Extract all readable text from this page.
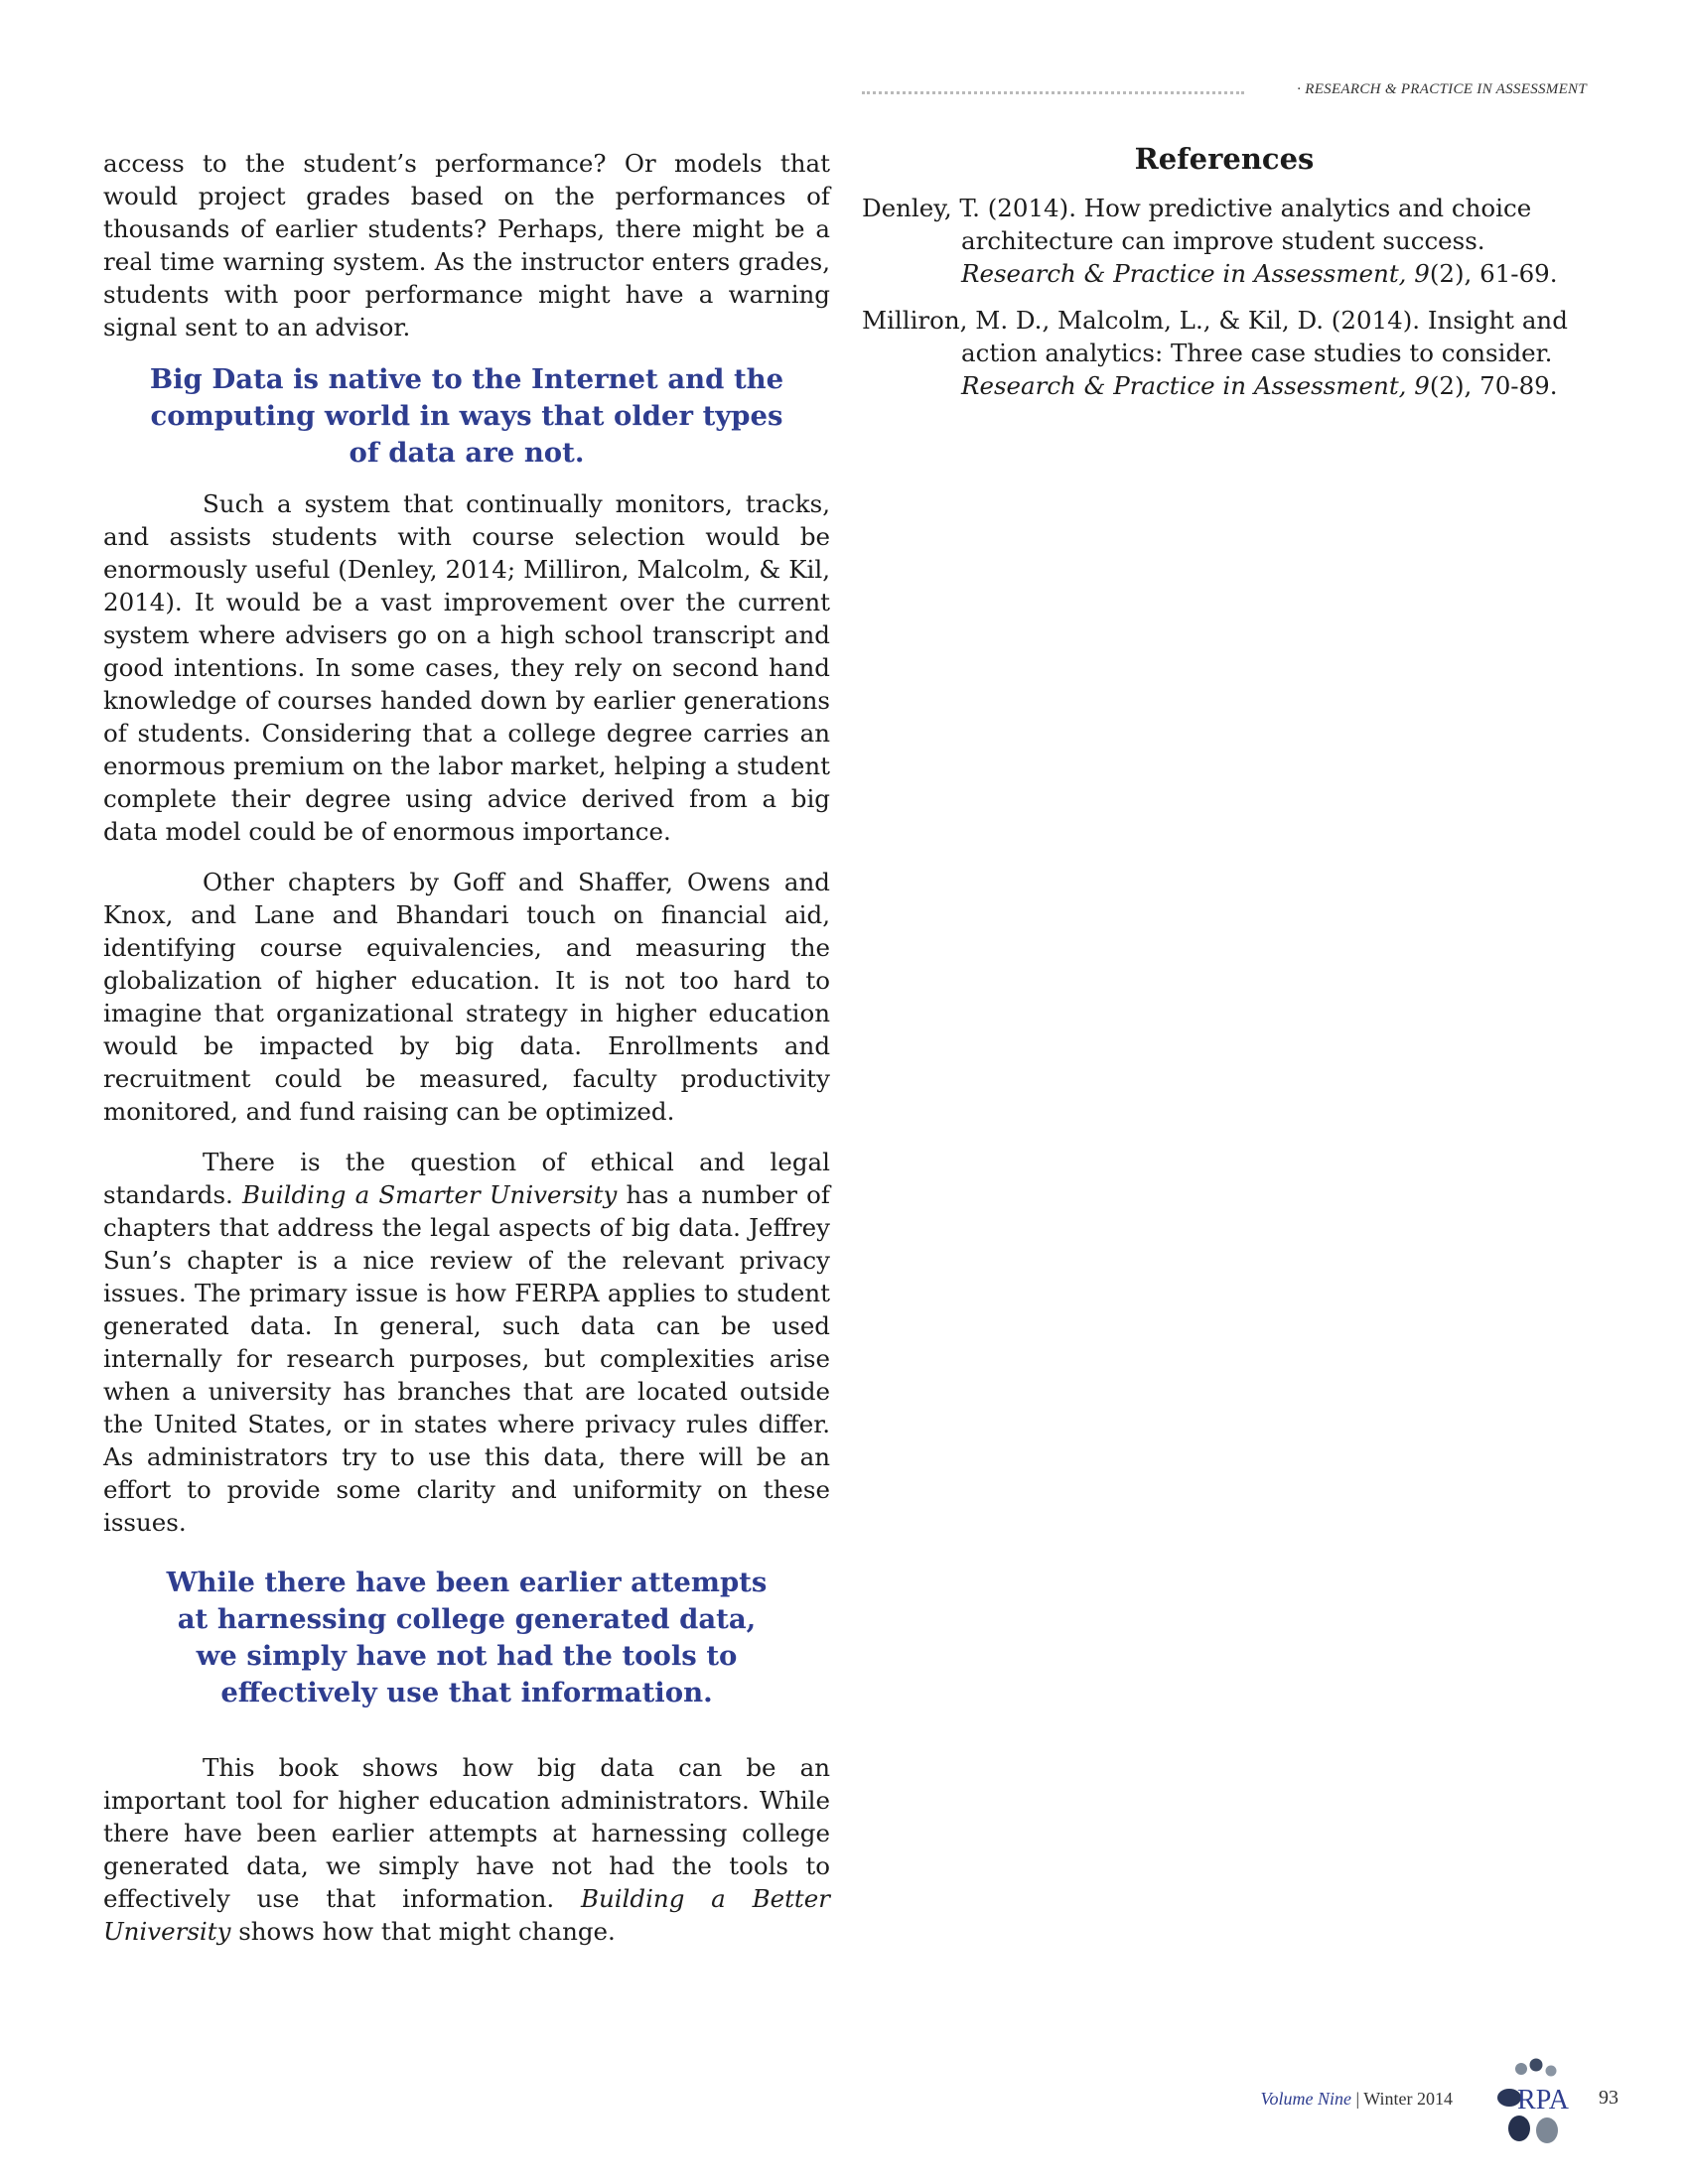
· RESEARCH & PRACTICE IN ASSESSMENT

access to the student’s performance? Or models that would project grades based on the performances of thousands of earlier students? Perhaps, there might be a real time warning system. As the instructor enters grades, students with poor performance might have a warning signal sent to an advisor.

Big Data is native to the Internet and the
computing world in ways that older types
of data are not.

Such a system that continually monitors, tracks, and assists students with course selection would be enormously useful (Denley, 2014; Milliron, Malcolm, & Kil, 2014). It would be a vast improvement over the current system where advisers go on a high school transcript and good intentions. In some cases, they rely on second hand knowledge of courses handed down by earlier generations of students. Considering that a college degree carries an enormous premium on the labor market, helping a student complete their degree using advice derived from a big data model could be of enormous importance.

Other chapters by Goff and Shaffer, Owens and Knox, and Lane and Bhandari touch on financial aid, identifying course equivalencies, and measuring the globalization of higher education. It is not too hard to imagine that organizational strategy in higher education would be impacted by big data. Enrollments and recruitment could be measured, faculty productivity monitored, and fund raising can be optimized.

There is the question of ethical and legal standards. Building a Smarter University has a number of chapters that address the legal aspects of big data. Jeffrey Sun’s chapter is a nice review of the relevant privacy issues. The primary issue is how FERPA applies to student generated data. In general, such data can be used internally for research purposes, but complexities arise when a university has branches that are located outside the United States, or in states where privacy rules differ. As administrators try to use this data, there will be an effort to provide some clarity and uniformity on these issues.

While there have been earlier attempts
at harnessing college generated data,
we simply have not had the tools to
effectively use that information.

This book shows how big data can be an important tool for higher education administrators. While there have been earlier attempts at harnessing college generated data, we simply have not had the tools to effectively use that information. Building a Better University shows how that might change.

References
Denley, T. (2014). How predictive analytics and choice architecture can improve student success. Research & Practice in Assessment, 9(2), 61-69.
Milliron, M. D., Malcolm, L., & Kil, D. (2014). Insight and action analytics: Three case studies to consider. Research & Practice in Assessment, 9(2), 70-89.
Volume Nine | Winter 2014 RPA 93
